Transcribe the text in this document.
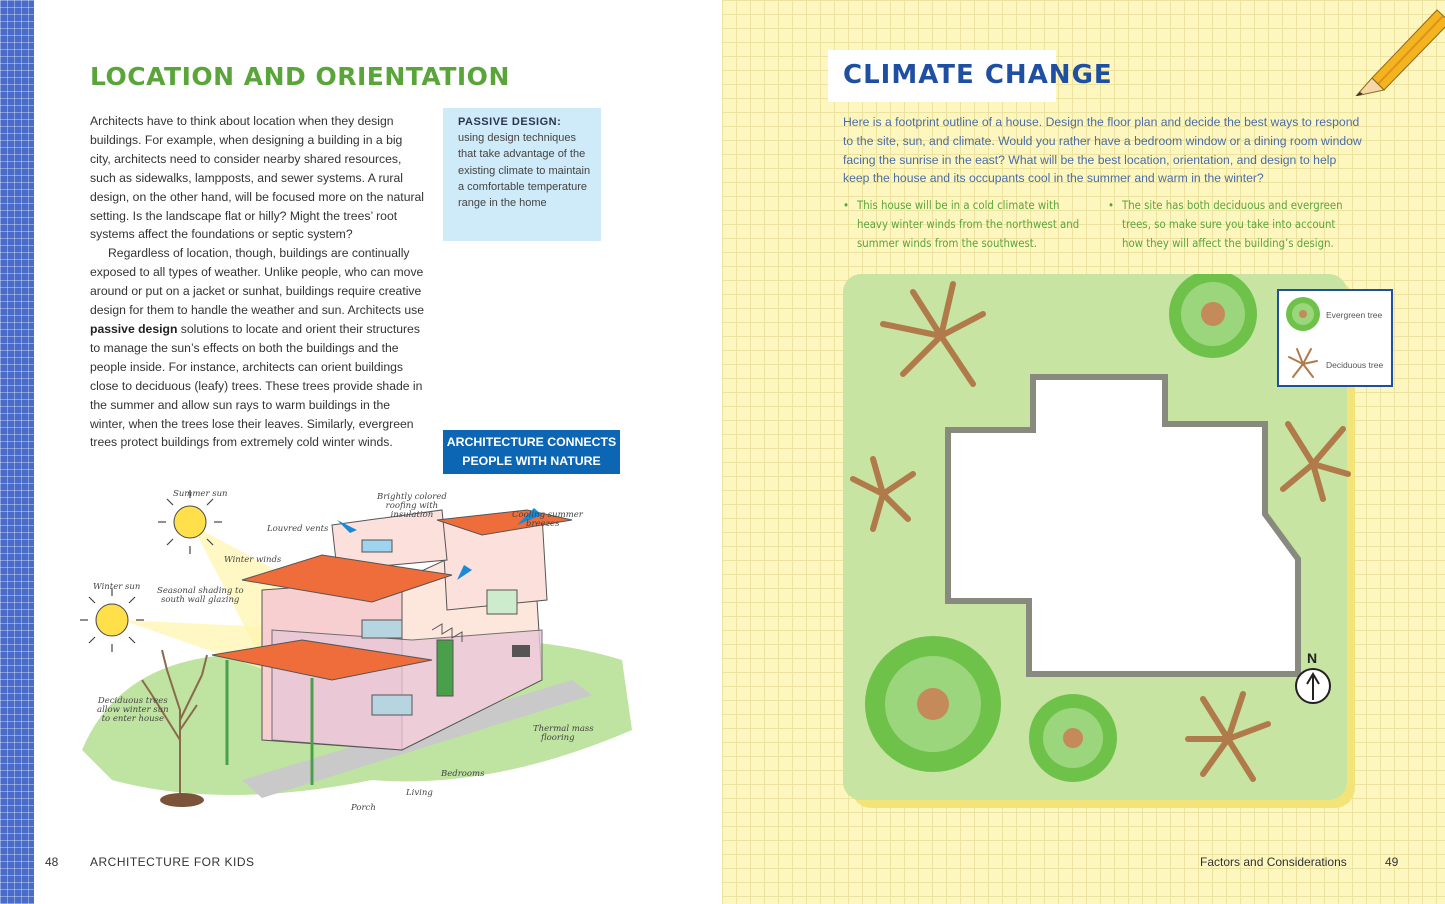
LOCATION AND ORIENTATION

Architects have to think about location when they design buildings. For example, when designing a building in a big city, architects need to consider nearby shared resources, such as sidewalks, lampposts, and sewer systems. A rural design, on the other hand, will be focused more on the natural setting. Is the landscape flat or hilly? Might the trees’ root systems affect the foundations or septic system?

Regardless of location, though, buildings are continually exposed to all types of weather. Unlike people, who can move around or put on a jacket or sunhat, buildings require creative design for them to handle the weather and sun. Architects use passive design solutions to locate and orient their structures to manage the sun’s effects on both the buildings and the people inside. For instance, architects can orient buildings close to deciduous (leafy) trees. These trees provide shade in the summer and allow sun rays to warm buildings in the winter, when the trees lose their leaves. Similarly, evergreen trees protect buildings from extremely cold winter winds.

PASSIVE DESIGN:
using design techniques that take advantage of the existing climate to maintain a comfortable temperature range in the home
ARCHITECTURE CONNECTS
PEOPLE WITH NATURE
Summer sun
Winter sun
Louvred vents
Winter winds
Brightly colored
roofing with
insulation	Cooling summer
breezes
Seasonal shading to
south wall glazing
Deciduous trees
allow winter sun
to enter house
Thermal mass
flooring
Bedrooms
Living
Porch
48	ARCHITECTURE FOR KIDS
CLIMATE CHANGE

Here is a footprint outline of a house. Design the floor plan and decide the best ways to respond to the site, sun, and climate. Would you rather have a bedroom window or a dining room window facing the sunrise in the east? What will be the best location, orientation, and design to help keep the house and its occupants cool in the summer and warm in the winter?

• This house will be in a cold climate with
heavy winter winds from the northwest and
summer winds from the southwest.
• The site has both deciduous and evergreen
trees, so make sure you take into account
how they will affect the building’s design.
Evergreen tree
Deciduous tree
N
Factors and Considerations	49
